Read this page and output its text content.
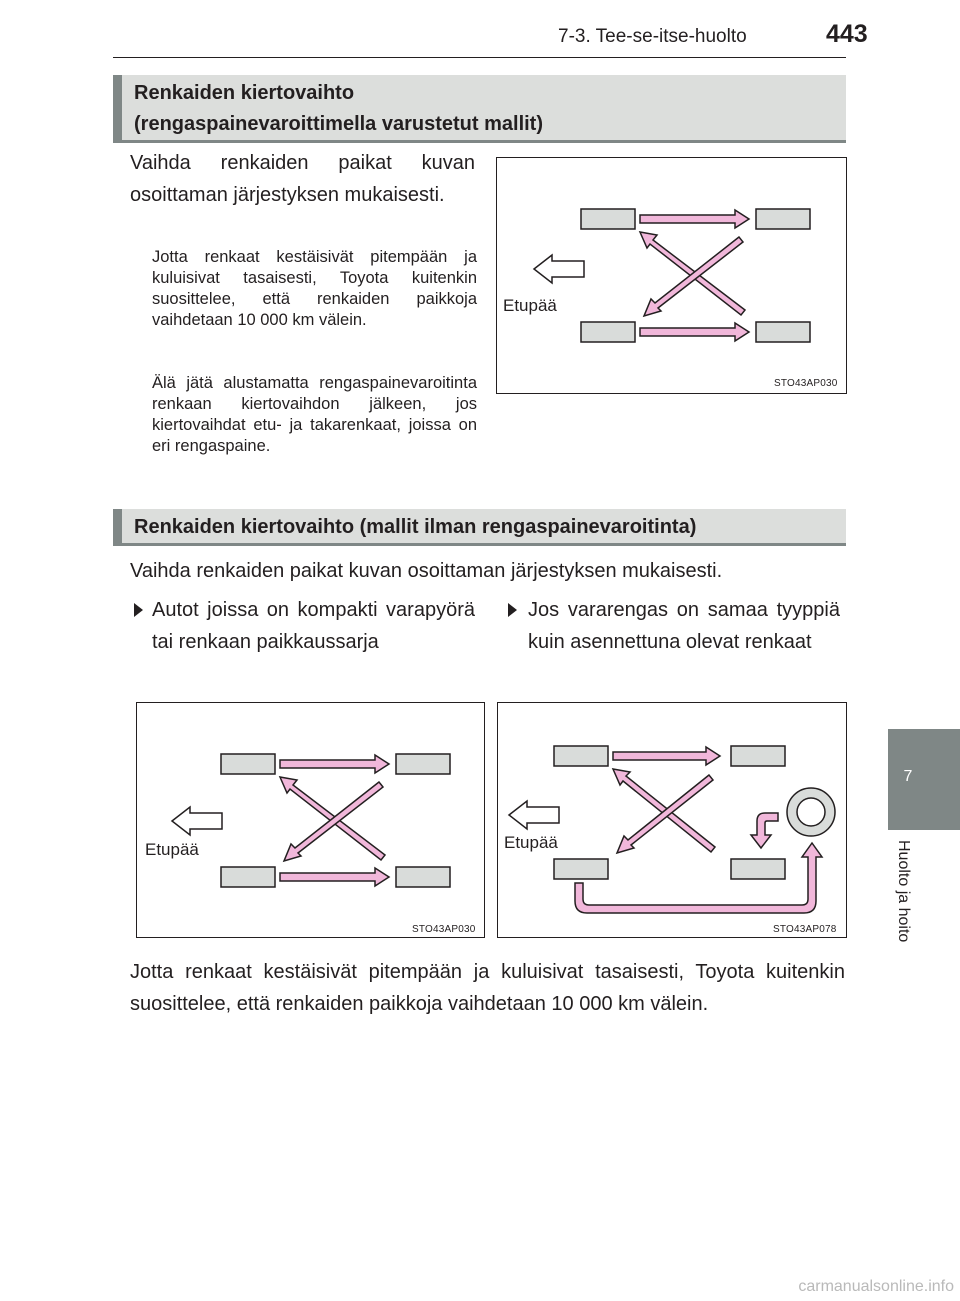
7-3. Tee-se-itse-huolto	443
7
Huolto ja hoito
Renkaiden kiertovaihto
(rengaspainevaroittimella varustetut mallit)
Vaihda renkaiden paikat kuvan osoittaman järjestyksen mukaisesti.
Jotta renkaat kestäisivät pitempään ja kuluisivat tasaisesti, Toyota kuitenkin suosittelee, että renkaiden paikkoja vaihdetaan 10 000 km välein.
Älä jätä alustamatta rengaspainevaroitinta renkaan kiertovaihdon jälkeen, jos kiertovaihdat etu- ja takarenkaat, joissa on eri rengaspaine.
Etupää
STO43AP030
Renkaiden kiertovaihto (mallit ilman rengaspainevaroitinta)
Vaihda renkaiden paikat kuvan osoittaman järjestyksen mukaisesti.
Autot joissa on kompakti varapyörä tai renkaan paikkaussarja
Jos vararengas on samaa tyyppiä kuin asennettuna olevat renkaat
Etupää
STO43AP030
Etupää
STO43AP078
Jotta renkaat kestäisivät pitempään ja kuluisivat tasaisesti, Toyota kuitenkin suosittelee, että renkaiden paikkoja vaihdetaan 10 000 km välein.
carmanualsonline.info
